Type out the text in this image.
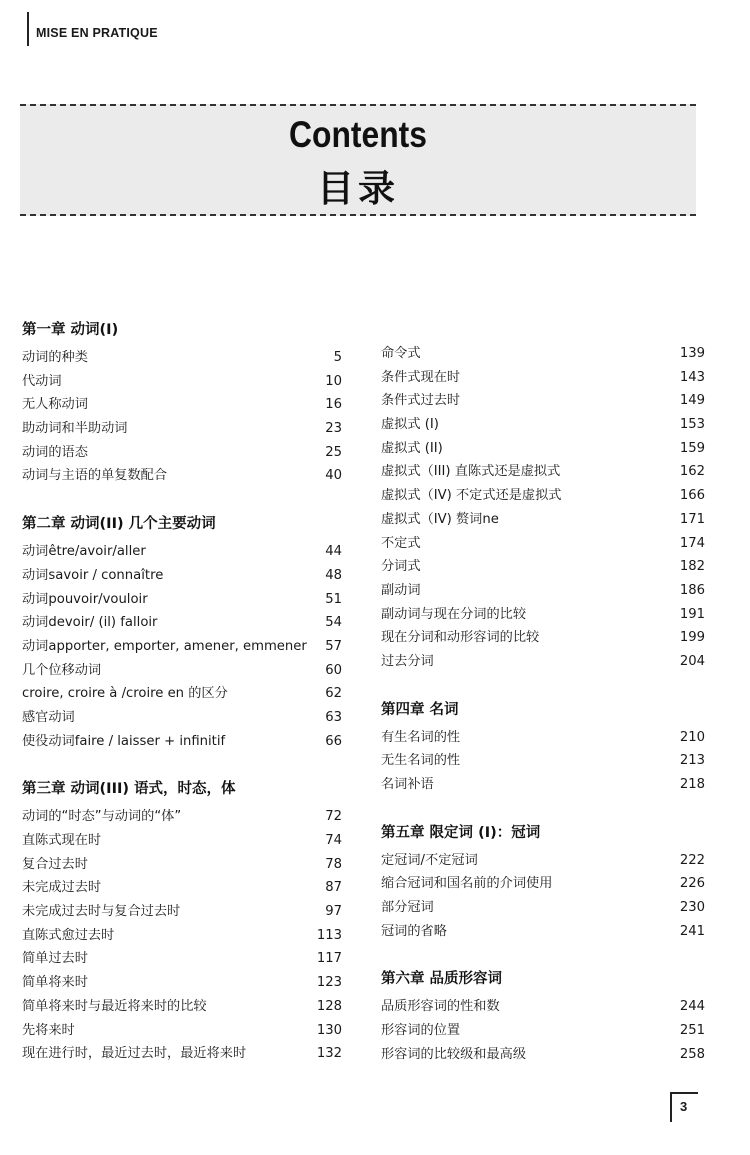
MISE EN PRATIQUE
Contents
目录
第一章 动词(I)
动词的种类	5
代动词	10
无人称动词	16
助动词和半助动词	23
动词的语态	25
动词与主语的单复数配合	40
第二章 动词(II) 几个主要动词
动词être/avoir/aller	44
动词savoir / connaître	48
动词pouvoir/vouloir	51
动词devoir/ (il) falloir	54
动词apporter, emporter, amener, emmener 57
几个位移动词	60
croire, croire à /croire en 的区分	62
感官动词	63
使役动词faire / laisser + infinitif	66
第三章 动词(III) 语式，时态，体
动词的“时态”与动词的“体”	72
直陈式现在时	74
复合过去时	78
未完成过去时	87
未完成过去时与复合过去时	97
直陈式愈过去时	113
简单过去时	117
简单将来时	123
简单将来时与最近将来时的比较	128
先将来时	130
现在进行时，最近过去时，最近将来时	132
命令式	139
条件式现在时	143
条件式过去时	149
虚拟式 (I)	153
虚拟式 (II)	159
虚拟式（III) 直陈式还是虚拟式	162
虚拟式（IV) 不定式还是虚拟式	166
虚拟式（IV) 赘词ne	171
不定式	174
分词式	182
副动词	186
副动词与现在分词的比较	191
现在分词和动形容词的比较	199
过去分词	204
第四章 名词
有生名词的性	210
无生名词的性	213
名词补语	218
第五章 限定词 (I)：冠词
定冠词/不定冠词	222
缩合冠词和国名前的介词使用	226
部分冠词	230
冠词的省略	241
第六章 品质形容词
品质形容词的性和数	244
形容词的位置	251
形容词的比较级和最高级	258
3
